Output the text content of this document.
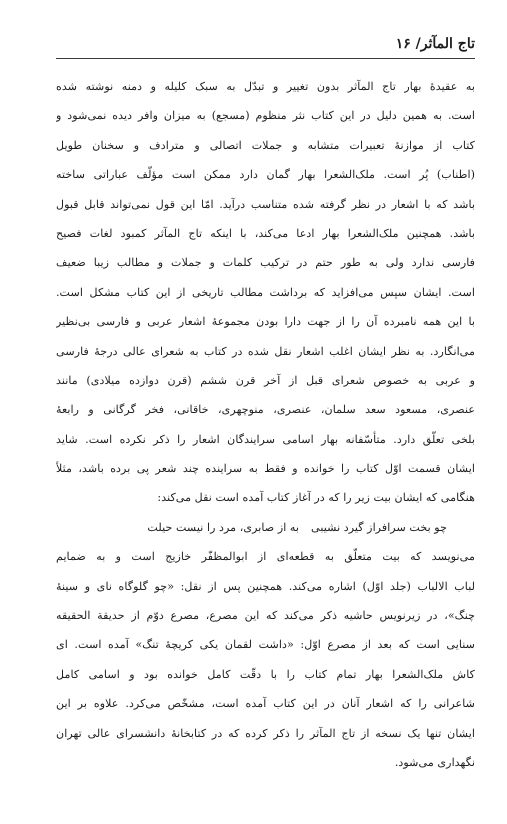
تاج المآثر/ ۱۶
به عقیدهٔ بهار تاج المآثر بدون تغییر و تبدّل به سبک کلیله و دمنه نوشته شده
است. به همین دلیل در این کتاب نثر منظوم (مسجع) به میزان وافر دیده نمی‌شود و
کتاب از موازنهٔ تعبیرات متشابه و جملات اتصالی و مترادف و سخنان طویل
(اطناب) پُر است. ملک‌الشعرا بهار گمان دارد ممکن است مؤلّف عباراتی ساخته
باشد که با اشعار در نظر گرفته شده متناسب درآید. امّا این قول نمی‌تواند قابل قبول
باشد. همچنین ملک‌الشعرا بهار ادعا می‌کند، با اینکه تاج المآثر کمبود لغات فصیح
فارسی ندارد ولی به طور حتم در ترکیب کلمات و جملات و مطالب زیبا ضعیف
است. ایشان سپس می‌افزاید که برداشت مطالب تاریخی از این کتاب مشکل است.
با این همه نامبرده آن را از جهت دارا بودن مجموعهٔ اشعار عربی و فارسی بی‌نظیر
می‌انگارد. به نظر ایشان اغلب اشعار نقل شده در کتاب به شعرای عالی درجهٔ فارسی
و عربی به خصوص شعرای قبل از آخر قرن ششم (قرن دوازده میلادی) مانند
عنصری، مسعود سعد سلمان، عنصری، منوچهری، خاقانی، فخر گرگانی و رابعهٔ
بلخی تعلّق دارد. متأسّفانه بهار اسامی سرایندگان اشعار را ذکر نکرده است. شاید
ایشان قسمت اوّل کتاب را خوانده و فقط به سراینده چند شعر پی برده باشد، مثلاً
هنگامی که ایشان بیت زیر را که در آغاز کتاب آمده است نقل می‌کند:
چو بخت سرافراز گیرد نشیبی
به از صابری، مرد را نیست حیلت
می‌نویسد که بیت متعلّق به قطعه‌ای از ابوالمظفّر خازیج است و به ضمایم
لباب الالباب (جلد اوّل) اشاره می‌کند. همچنین پس از نقل: «چو گلوگاه نای و سینهٔ
چنگ»، در زیرنویس حاشیه ذکر می‌کند که این مصرع، مصرع دوّم از حدیقة الحقیقه
سنایی است که بعد از مصرع اوّل: «داشت لقمان یکی کریچهٔ تنگ» آمده است. ای
کاش ملک‌الشعرا بهار تمام کتاب را با دقّت کامل خوانده بود و اسامی کامل
شاعرانی را که اشعار آنان در این کتاب آمده است، مشخّص می‌کرد. علاوه بر این
ایشان تنها یک نسخه از تاج المآثر را ذکر کرده که در کتابخانهٔ دانشسرای عالی تهران
نگهداری می‌شود.
